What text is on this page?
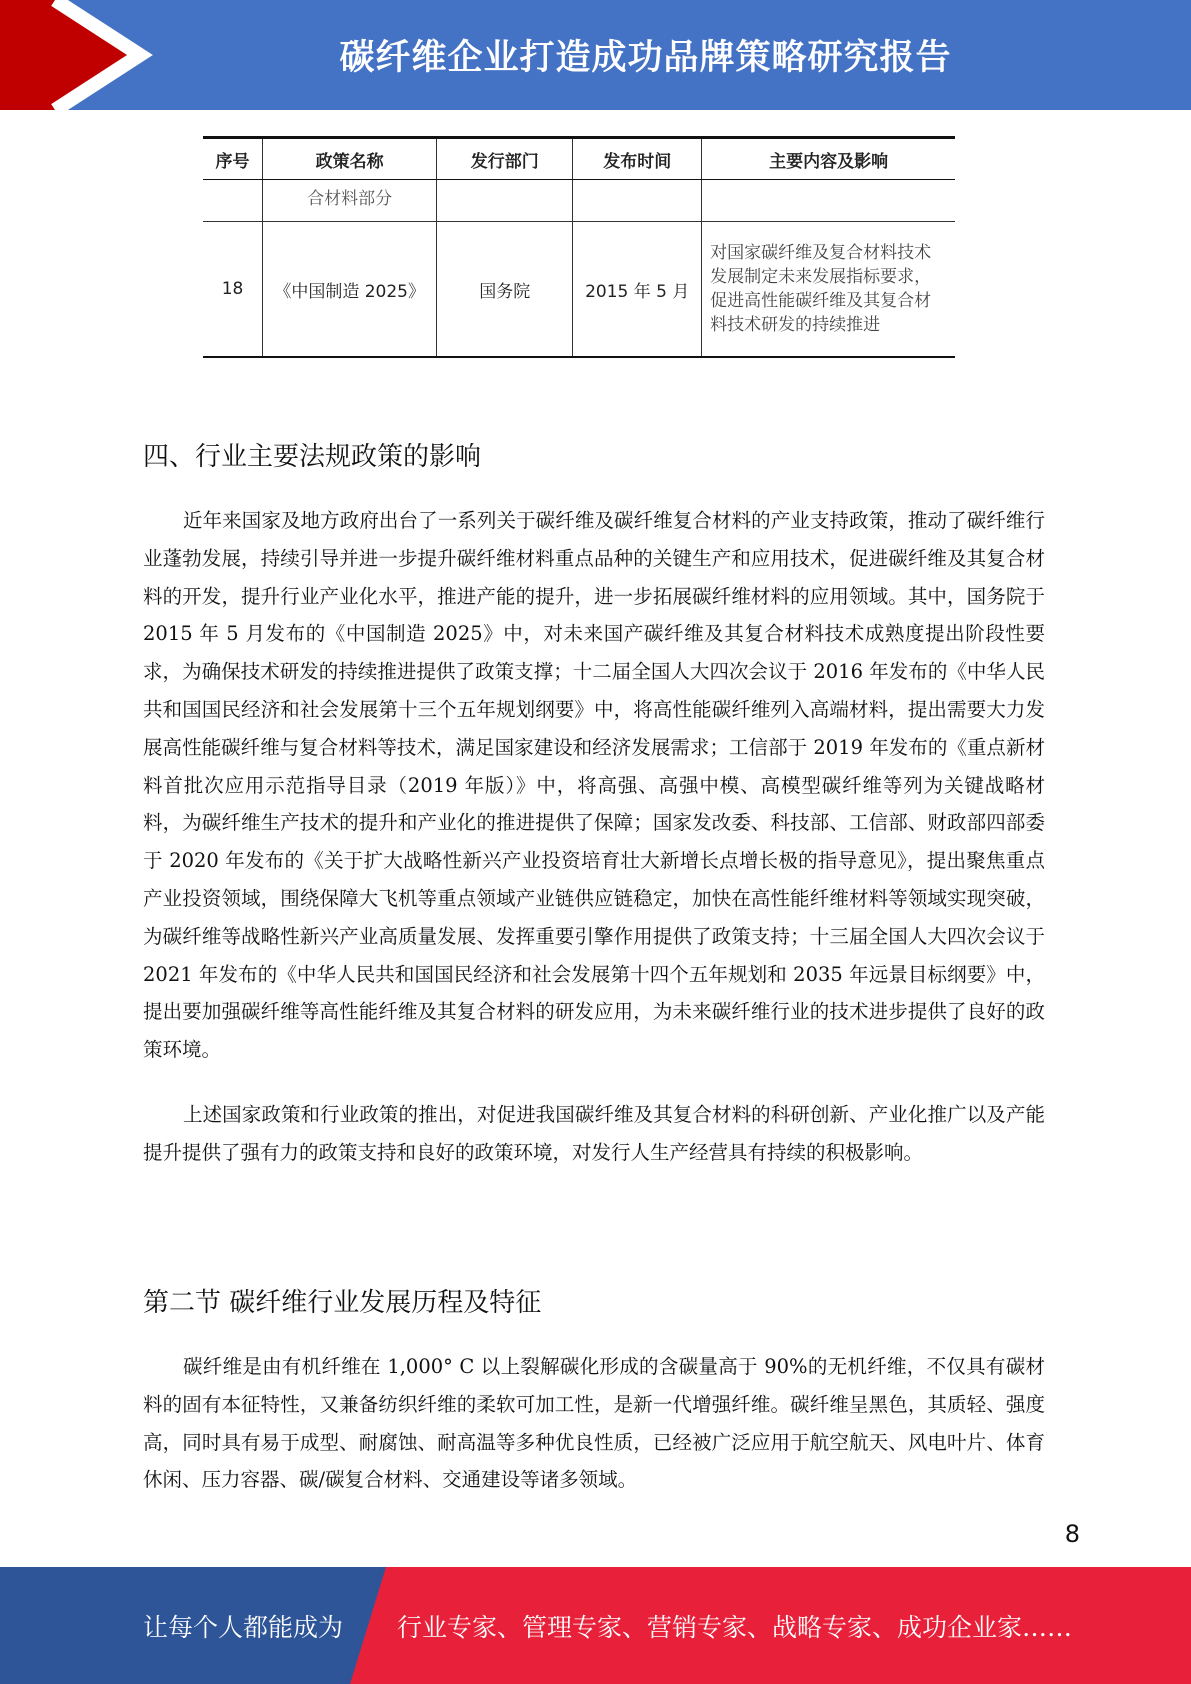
碳纤维企业打造成功品牌策略研究报告
序号	政策名称	发行部门	发布时间	主要内容及影响
	合材料部分			
18	《中国制造 2025》	国务院	2015 年 5 月	对国家碳纤维及复合材料技术发展制定未来发展指标要求，促进高性能碳纤维及其复合材料技术研发的持续推进
四、行业主要法规政策的影响

近年来国家及地方政府出台了一系列关于碳纤维及碳纤维复合材料的产业支持政策，推动了碳纤维行业蓬勃发展，持续引导并进一步提升碳纤维材料重点品种的关键生产和应用技术，促进碳纤维及其复合材料的开发，提升行业产业化水平，推进产能的提升，进一步拓展碳纤维材料的应用领域。其中，国务院于 2015 年 5 月发布的《中国制造 2025》中，对未来国产碳纤维及其复合材料技术成熟度提出阶段性要求，为确保技术研发的持续推进提供了政策支撑；十二届全国人大四次会议于 2016 年发布的《中华人民共和国国民经济和社会发展第十三个五年规划纲要》中，将高性能碳纤维列入高端材料，提出需要大力发展高性能碳纤维与复合材料等技术，满足国家建设和经济发展需求；工信部于 2019 年发布的《重点新材料首批次应用示范指导目录（2019 年版）》中，将高强、高强中模、高模型碳纤维等列为关键战略材料，为碳纤维生产技术的提升和产业化的推进提供了保障；国家发改委、科技部、工信部、财政部四部委于 2020 年发布的《关于扩大战略性新兴产业投资培育壮大新增长点增长极的指导意见》，提出聚焦重点产业投资领域，围绕保障大飞机等重点领域产业链供应链稳定，加快在高性能纤维材料等领域实现突破，为碳纤维等战略性新兴产业高质量发展、发挥重要引擎作用提供了政策支持；十三届全国人大四次会议于 2021 年发布的《中华人民共和国国民经济和社会发展第十四个五年规划和 2035 年远景目标纲要》中，提出要加强碳纤维等高性能纤维及其复合材料的研发应用，为未来碳纤维行业的技术进步提供了良好的政策环境。

上述国家政策和行业政策的推出，对促进我国碳纤维及其复合材料的科研创新、产业化推广以及产能提升提供了强有力的政策支持和良好的政策环境，对发行人生产经营具有持续的积极影响。

第二节 碳纤维行业发展历程及特征

碳纤维是由有机纤维在 1,000° C 以上裂解碳化形成的含碳量高于 90%的无机纤维，不仅具有碳材料的固有本征特性，又兼备纺织纤维的柔软可加工性，是新一代增强纤维。碳纤维呈黑色，其质轻、强度高，同时具有易于成型、耐腐蚀、耐高温等多种优良性质，已经被广泛应用于航空航天、风电叶片、体育休闲、压力容器、碳/碳复合材料、交通建设等诸多领域。

8
让每个人都能成为 行业专家、管理专家、营销专家、战略专家、成功企业家……
